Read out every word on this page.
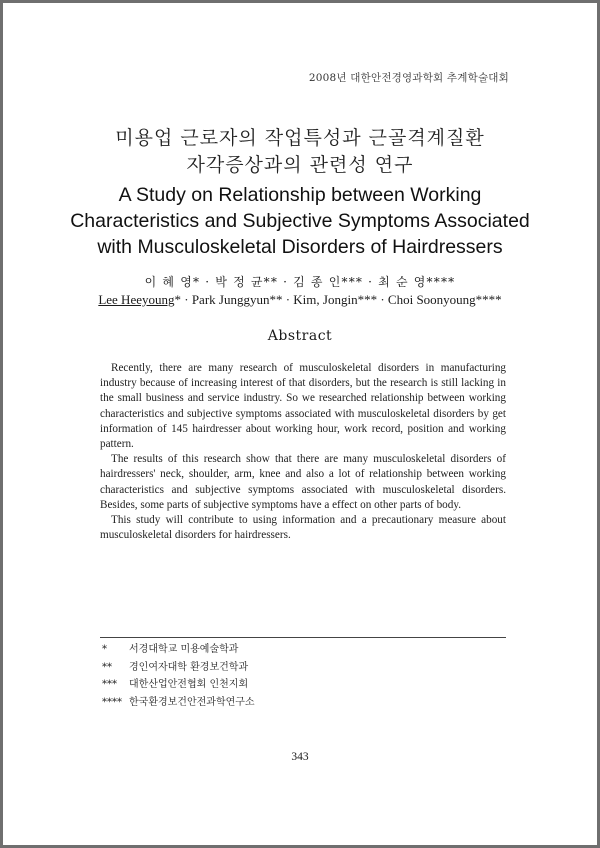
2008년 대한안전경영과학회 추계학술대회
미용업 근로자의 작업특성과 근골격계질환
자각증상과의 관련성 연구
A Study on Relationship between Working
Characteristics and Subjective Symptoms Associated
with Musculoskeletal Disorders of Hairdressers
이 혜 영* · 박 정 균** · 김 종 인*** · 최 순 영****
Lee Heeyoung* · Park Junggyun** · Kim, Jongin*** · Choi Soonyoung****
Abstract

Recently, there are many research of musculoskeletal disorders in manufacturing industry because of increasing interest of that disorders, but the research is still lacking in the small business and service industry. So we researched relationship between working characteristics and subjective symptoms associated with musculoskeletal disorders by get information of 145 hairdresser about working hour, work record, position and working pattern.

The results of this research show that there are many musculoskeletal disorders of hairdressers' neck, shoulder, arm, knee and also a lot of relationship between working characteristics and subjective symptoms associated with musculoskeletal disorders. Besides, some parts of subjective symptoms have a effect on other parts of body.

This study will contribute to using information and a precautionary measure about musculoskeletal disorders for hairdressers.

*	서경대학교 미용예술학과
**	경인여자대학 환경보건학과
***	대한산업안전협회 인천지회
**** 한국환경보건안전과학연구소
343
